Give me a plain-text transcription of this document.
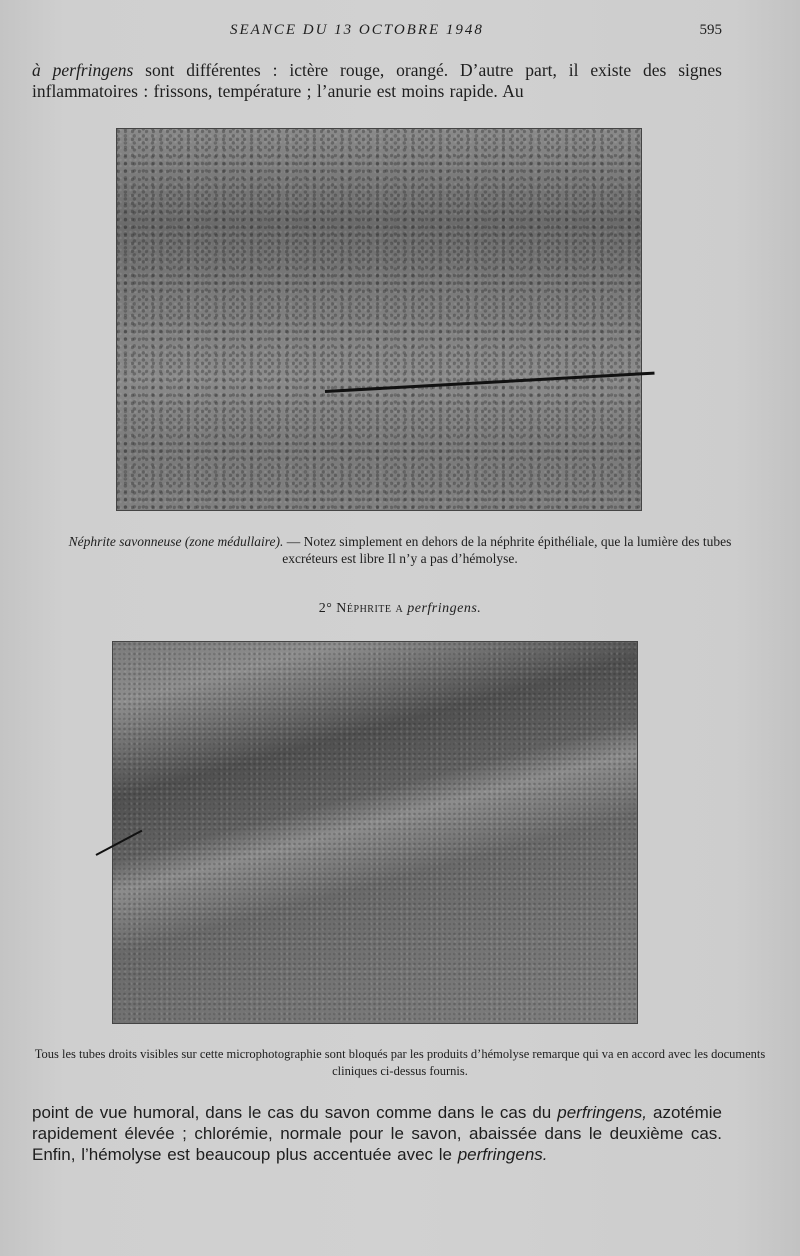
SEANCE DU 13 OCTOBRE 1948	595
à perfringens sont différentes : ictère rouge, orangé. D’autre part, il existe des signes inflammatoires : frissons, température ; l’anurie est moins rapide. Au
Néphrite savonneuse (zone médullaire). — Notez simplement en dehors de la néphrite épithéliale, que la lumière des tubes excréteurs est libre Il n’y a pas d’hémolyse.
2° Néphrite a perfringens.
Tous les tubes droits visibles sur cette microphotographie sont bloqués par les produits d’hémolyse remarque qui va en accord avec les documents cliniques ci-dessus fournis.
point de vue humoral, dans le cas du savon comme dans le cas du perfringens, azotémie rapidement élevée ; chlorémie, normale pour le savon, abaissée dans le deuxième cas. Enfin, l’hémolyse est beaucoup plus accentuée avec le perfringens.
